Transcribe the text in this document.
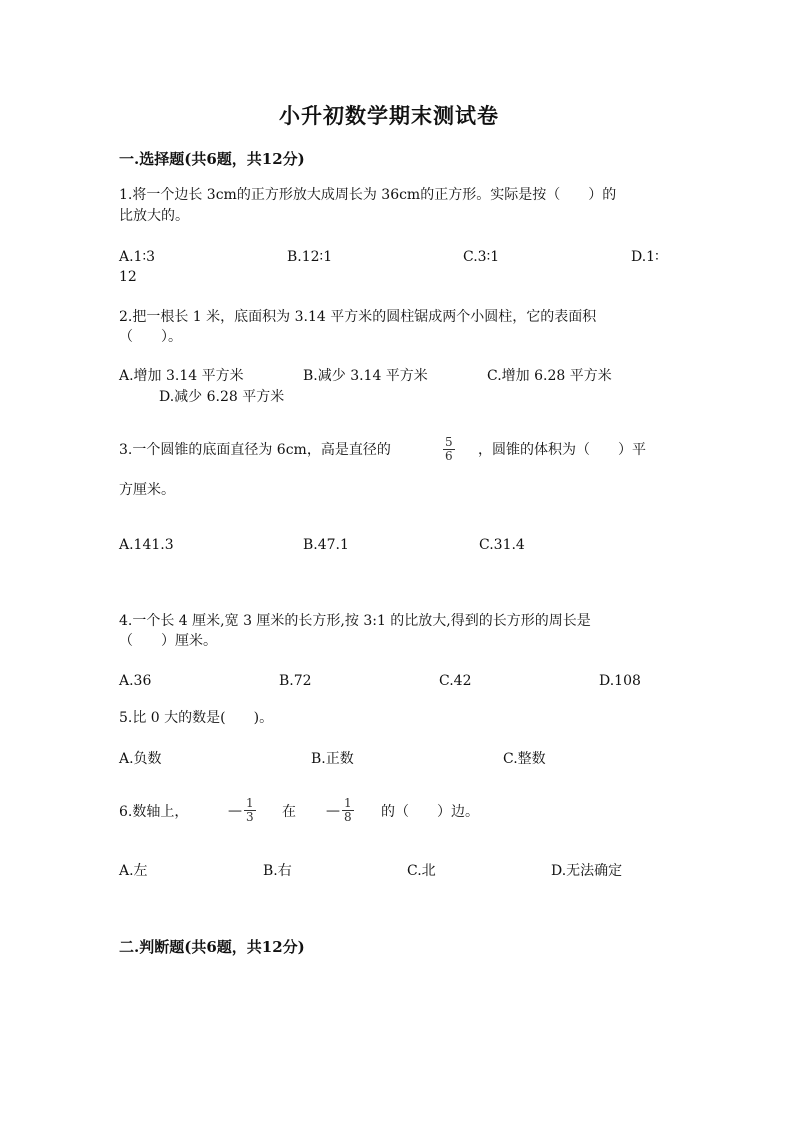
小升初数学期末测试卷
一.选择题(共6题，共12分)
1.将一个边长 3cm的正方形放大成周长为 36cm的正方形。实际是按（　　）的
比放大的。
A.1∶3	B.12∶1	C.3∶1	D.1∶
12
2.把一根长 1 米，底面积为 3.14 平方米的圆柱锯成两个小圆柱，它的表面积
（　　）。
A.增加 3.14 平方米	B.减少 3.14 平方米	C.增加 6.28 平方米
D.减少 6.28 平方米
3.一个圆锥的底面直径为 6cm，高是直径的	$\frac{5}{6}$ ，圆锥的体积为（　　）平
方厘米。
A.141.3	B.47.1	C.31.4
4.一个长 4 厘米,宽 3 厘米的长方形,按 3:1 的比放大,得到的长方形的周长是
（　　）厘米。
A.36	B.72	C.42	D.108
5.比 0 大的数是(　　)。
A.负数	B.正数	C.整数
6.数轴上，	— $\frac{1}{3}$ 在 — $\frac{1}{8}$ 的（　　）边。
A.左	B.右	C.北	D.无法确定
二.判断题(共6题，共12分)
